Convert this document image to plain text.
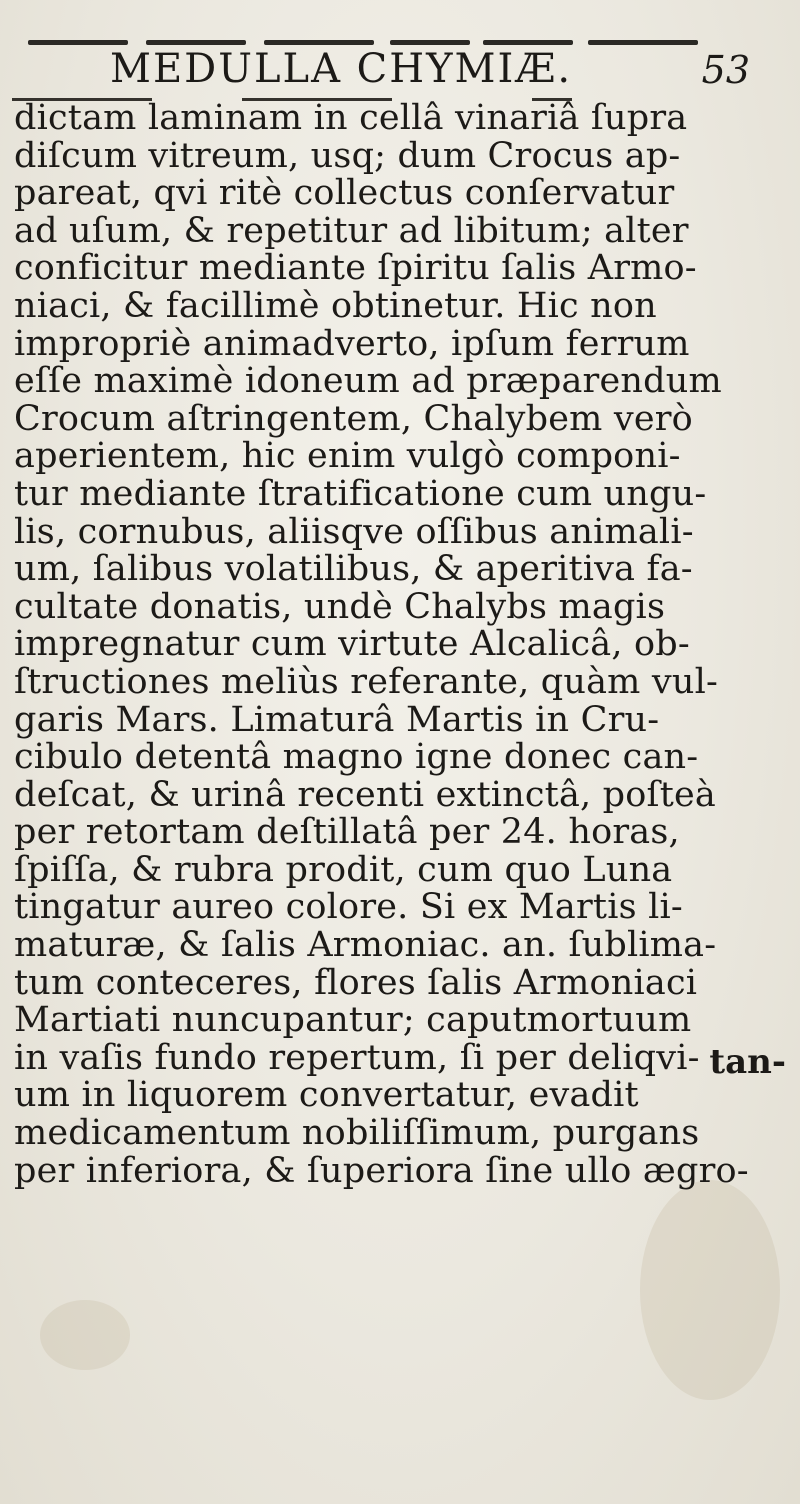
MEDULLA CHYMIÆ.	53
dictam laminam in cellâ vinariâ ſupra
diſcum vitreum, usq; dum Crocus ap-
pareat, qvi ritè collectus conſervatur
ad uſum, & repetitur ad libitum; alter
conficitur mediante ſpiritu ſalis Armo-
niaci, & facillimè obtinetur. Hic non
impropriè animadverto, ipſum ferrum
eſſe maximè idoneum ad præparendum
Crocum aſtringentem, Chalybem verò
aperientem, hic enim vulgò componi-
tur mediante ſtratificatione cum ungu-
lis, cornubus, aliisqve oſſibus animali-
um, ſalibus volatilibus, & aperitiva fa-
cultate donatis, undè Chalybs magis
impregnatur cum virtute Alcalicâ, ob-
ſtructiones meliùs referante, quàm vul-
garis Mars. Limaturâ Martis in Cru-
cibulo detentâ magno igne donec can-
deſcat, & urinâ recenti extinctâ, poſteà
per retortam deſtillatâ per 24. horas,
ſpiſſa, & rubra prodit, cum quo Luna
tingatur aureo colore. Si ex Martis li-
maturæ, & ſalis Armoniac. an. ſublima-
tum conteceres, flores ſalis Armoniaci
Martiati nuncupantur; caputmortuum
in vaſis fundo repertum, ſi per deliqvi-
um in liquorem convertatur, evadit
medicamentum nobiliſſimum, purgans
per inferiora, & ſuperiora ſine ullo ægro-
tan-
